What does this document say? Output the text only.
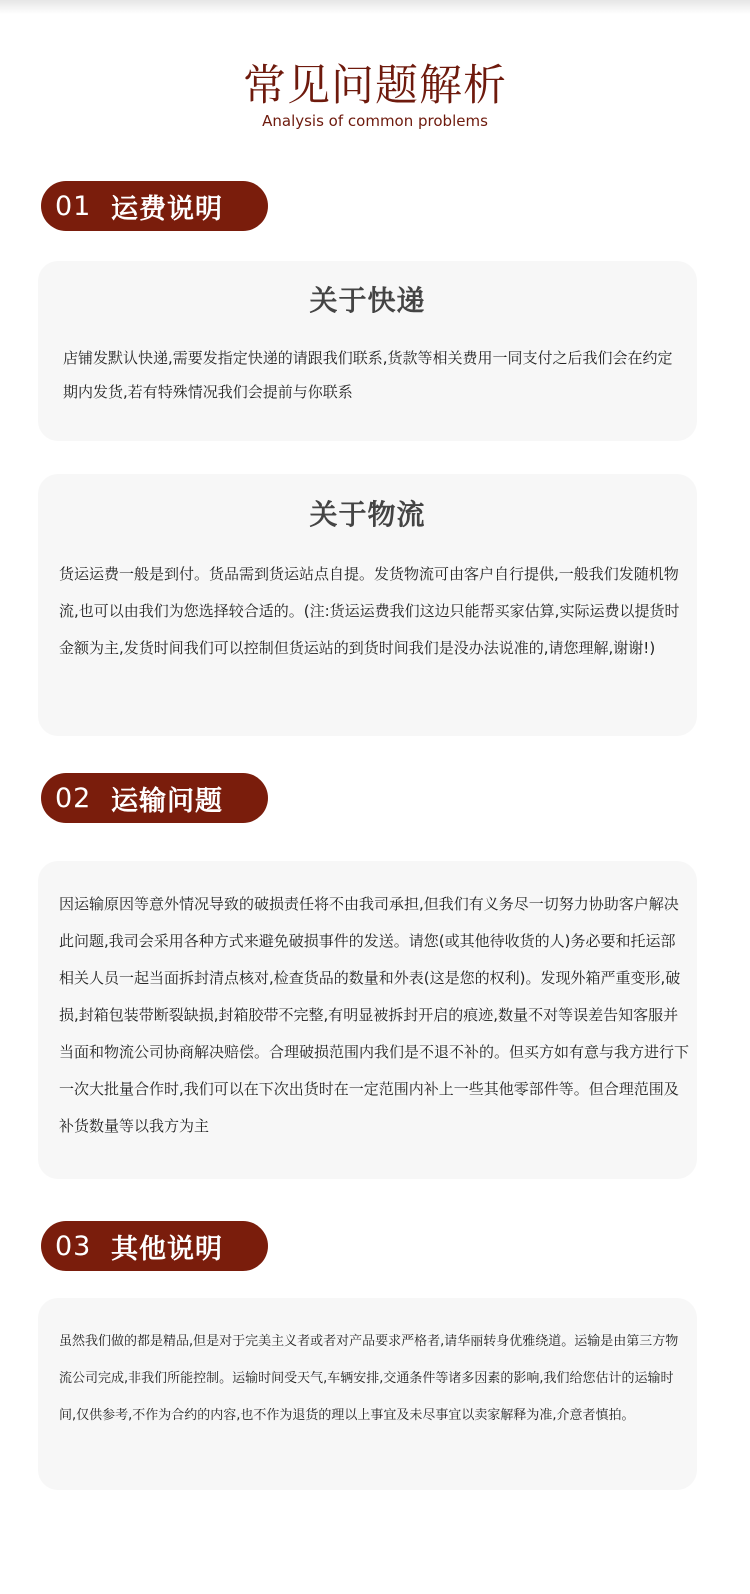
常见问题解析
Analysis of common problems
01 运费说明
关于快递

店铺发默认快递,需要发指定快递的请跟我们联系,货款等相关费用一同支付之后我们会在约定期内发货,若有特殊情况我们会提前与你联系

关于物流

货运运费一般是到付。货品需到货运站点自提。发货物流可由客户自行提供,一般我们发随机物流,也可以由我们为您选择较合适的。(注:货运运费我们这边只能帮买家估算,实际运费以提货时金额为主,发货时间我们可以控制但货运站的到货时间我们是没办法说准的,请您理解,谢谢!)

02 运输问题

因运输原因等意外情况导致的破损责任将不由我司承担,但我们有义务尽一切努力协助客户解决此问题,我司会采用各种方式来避免破损事件的发送。请您(或其他待收货的人)务必要和托运部相关人员一起当面拆封清点核对,检查货品的数量和外表(这是您的权利)。发现外箱严重变形,破损,封箱包装带断裂缺损,封箱胶带不完整,有明显被拆封开启的痕迹,数量不对等误差告知客服并当面和物流公司协商解决赔偿。合理破损范围内我们是不退不补的。但买方如有意与我方进行下一次大批量合作时,我们可以在下次出货时在一定范围内补上一些其他零部件等。但合理范围及补货数量等以我方为主

03 其他说明

虽然我们做的都是精品,但是对于完美主义者或者对产品要求严格者,请华丽转身优雅绕道。运输是由第三方物流公司完成,非我们所能控制。运输时间受天气,车辆安排,交通条件等诸多因素的影响,我们给您估计的运输时间,仅供参考,不作为合约的内容,也不作为退货的理以上事宜及未尽事宜以卖家解释为准,介意者慎拍。
